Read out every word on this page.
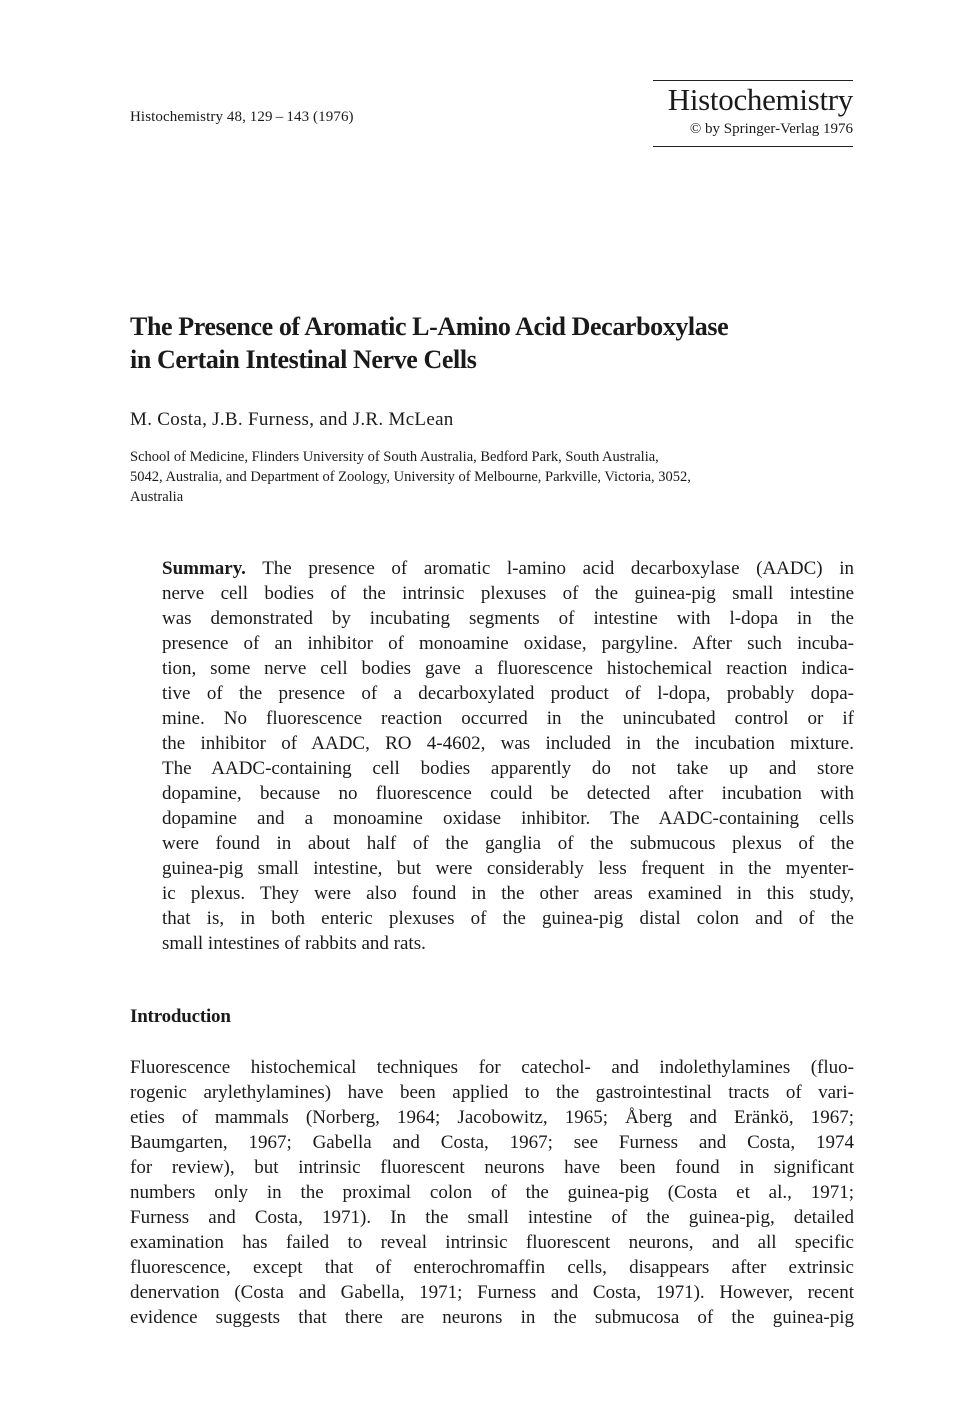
Histochemistry 48, 129 – 143 (1976)	Histochemistry
© by Springer-Verlag 1976
The Presence of Aromatic L-Amino Acid Decarboxylase
in Certain Intestinal Nerve Cells
M. Costa, J.B. Furness, and J.R. McLean
School of Medicine, Flinders University of South Australia, Bedford Park, South Australia,
5042, Australia, and Department of Zoology, University of Melbourne, Parkville, Victoria, 3052,
Australia
Summary. The presence of aromatic l-amino acid decarboxylase (AADC) in
nerve cell bodies of the intrinsic plexuses of the guinea-pig small intestine
was demonstrated by incubating segments of intestine with l-dopa in the
presence of an inhibitor of monoamine oxidase, pargyline. After such incuba-
tion, some nerve cell bodies gave a fluorescence histochemical reaction indica-
tive of the presence of a decarboxylated product of l-dopa, probably dopa-
mine. No fluorescence reaction occurred in the unincubated control or if
the inhibitor of AADC, RO 4-4602, was included in the incubation mixture.
The AADC-containing cell bodies apparently do not take up and store
dopamine, because no fluorescence could be detected after incubation with
dopamine and a monoamine oxidase inhibitor. The AADC-containing cells
were found in about half of the ganglia of the submucous plexus of the
guinea-pig small intestine, but were considerably less frequent in the myenter-
ic plexus. They were also found in the other areas examined in this study,
that is, in both enteric plexuses of the guinea-pig distal colon and of the
small intestines of rabbits and rats.
Introduction
Fluorescence histochemical techniques for catechol- and indolethylamines (fluo-
rogenic arylethylamines) have been applied to the gastrointestinal tracts of vari-
eties of mammals (Norberg, 1964; Jacobowitz, 1965; Åberg and Eränkö, 1967;
Baumgarten, 1967; Gabella and Costa, 1967; see Furness and Costa, 1974
for review), but intrinsic fluorescent neurons have been found in significant
numbers only in the proximal colon of the guinea-pig (Costa et al., 1971;
Furness and Costa, 1971). In the small intestine of the guinea-pig, detailed
examination has failed to reveal intrinsic fluorescent neurons, and all specific
fluorescence, except that of enterochromaffin cells, disappears after extrinsic
denervation (Costa and Gabella, 1971; Furness and Costa, 1971). However, recent
evidence suggests that there are neurons in the submucosa of the guinea-pig
